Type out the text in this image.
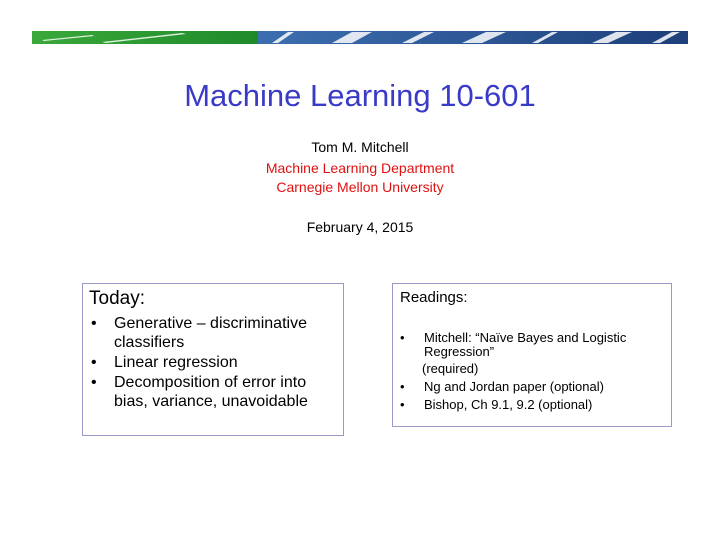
Machine Learning 10-601
Tom M. Mitchell
Machine Learning Department
Carnegie Mellon University
February 4, 2015
Today:
• Generative – discriminative classifiers
• Linear regression
• Decomposition of error into bias, variance, unavoidable
Readings:
• Mitchell: “Naïve Bayes and Logistic Regression”
(required)
• Ng and Jordan paper (optional)
• Bishop, Ch 9.1, 9.2 (optional)
